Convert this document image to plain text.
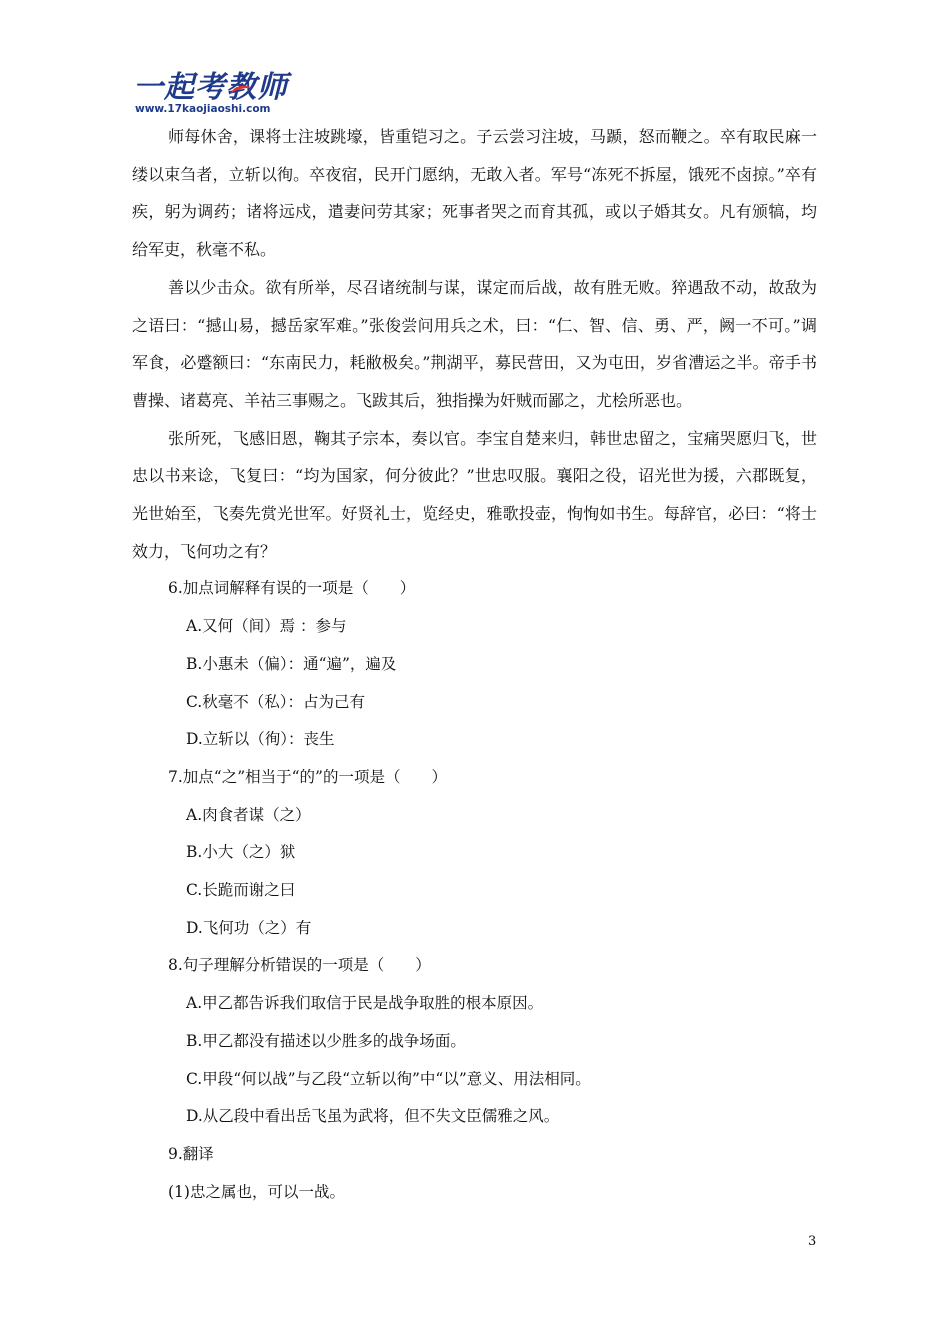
一起考教师
www.17kaojiaoshi.com

师每休舍，课将士注坡跳壕，皆重铠习之。子云尝习注坡，马踬，怒而鞭之。卒有取民麻一缕以束刍者，立斩以徇。卒夜宿，民开门愿纳，无敢入者。军号“冻死不拆屋，饿死不卤掠。”卒有疾，躬为调药；诸将远戍，遣妻问劳其家；死事者哭之而育其孤，或以子婚其女。凡有颁犒，均给军吏，秋毫不私。

善以少击众。欲有所举，尽召诸统制与谋，谋定而后战，故有胜无败。猝遇敌不动，故敌为之语曰：“撼山易，撼岳家军难。”张俊尝问用兵之术，曰：“仁、智、信、勇、严，阙一不可。”调军食，必蹙额曰：“东南民力，耗敝极矣。”荆湖平，募民营田，又为屯田，岁省漕运之半。帝手书曹操、诸葛亮、羊祜三事赐之。飞跋其后，独指操为奸贼而鄙之，尤桧所恶也。

张所死，飞感旧恩，鞠其子宗本，奏以官。李宝自楚来归，韩世忠留之，宝痛哭愿归飞，世忠以书来谂，飞复曰：“均为国家，何分彼此？”世忠叹服。襄阳之役，诏光世为援，六郡既复，光世始至，飞奏先赏光世军。好贤礼士，览经史，雅歌投壶，恂恂如书生。每辞官，必曰：“将士效力，飞何功之有？

6.加点词解释有误的一项是（　　）

A.又何（间）焉 ：参与

B.小惠未（偏）：通“遍”，遍及

C.秋毫不（私）：占为己有

D.立斩以（徇）：丧生

7.加点“之”相当于“的”的一项是（　　）

A.肉食者谋（之）

B.小大（之）狱

C.长跪而谢之曰

D.飞何功（之）有

8.句子理解分析错误的一项是（　　）

A.甲乙都告诉我们取信于民是战争取胜的根本原因。

B.甲乙都没有描述以少胜多的战争场面。

C.甲段“何以战”与乙段“立斩以徇”中“以”意义、用法相同。

D.从乙段中看出岳飞虽为武将，但不失文臣儒雅之风。

9.翻译

(1)忠之属也，可以一战。

3
